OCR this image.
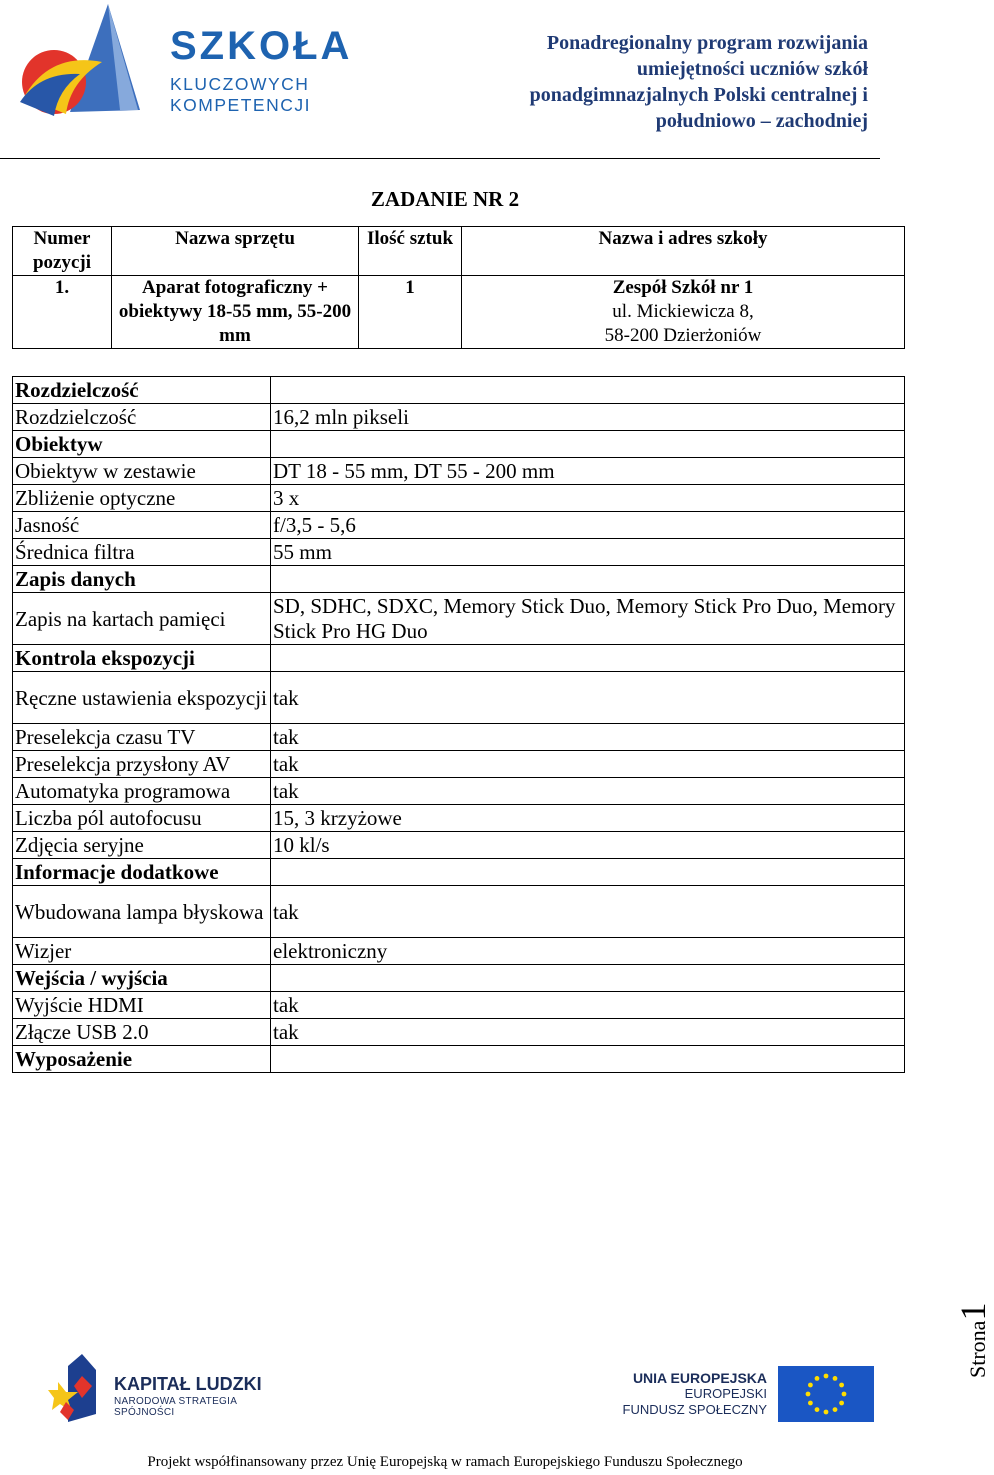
SZKOŁA
KLUCZOWYCH KOMPETENCJI
Ponadregionalny program rozwijania
umiejętności uczniów szkół
ponadgimnazjalnych Polski centralnej i
południowo – zachodniej
ZADANIE NR 2
Numer pozycji	Nazwa sprzętu	Ilość sztuk	Nazwa i adres szkoły
1.	Aparat fotograficzny + obiektywy 18-55 mm, 55-200 mm	1	Zespół Szkół nr 1
ul. Mickiewicza 8,
58-200 Dzierżoniów
Rozdzielczość	
Rozdzielczość	16,2 mln pikseli
Obiektyw	
Obiektyw w zestawie	DT 18 - 55 mm, DT 55 - 200 mm
Zbliżenie optyczne	3 x
Jasność	f/3,5 - 5,6
Średnica filtra	55 mm
Zapis danych	
Zapis na kartach pamięci	SD, SDHC, SDXC, Memory Stick Duo, Memory Stick Pro Duo, Memory Stick Pro HG Duo
Kontrola ekspozycji	
Ręczne ustawienia ekspozycji	tak
Preselekcja czasu TV	tak
Preselekcja przysłony AV	tak
Automatyka programowa	tak
Liczba pól autofocusu	15, 3 krzyżowe
Zdjęcia seryjne	10 kl/s
Informacje dodatkowe	
Wbudowana lampa błyskowa	tak
Wizjer	elektroniczny
Wejścia / wyjścia	
Wyjście HDMI	tak
Złącze USB 2.0	tak
Wyposażenie	
Strona1
KAPITAŁ LUDZKI
NARODOWA STRATEGIA SPÓJNOŚCI
UNIA EUROPEJSKA
EUROPEJSKI
FUNDUSZ SPOŁECZNY
Projekt współfinansowany przez Unię Europejską w ramach Europejskiego Funduszu Społecznego
